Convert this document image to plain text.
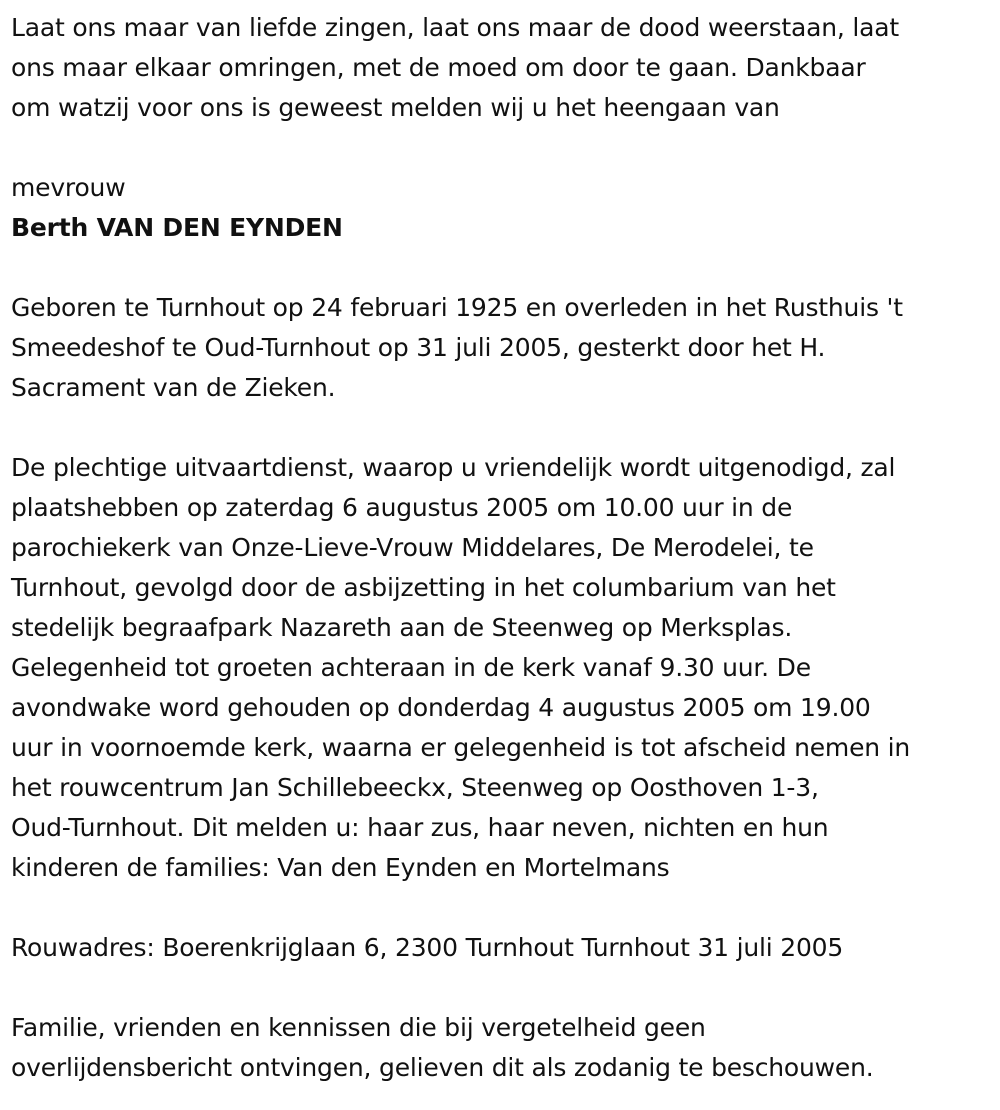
Laat ons maar van liefde zingen, laat ons maar de dood weerstaan, laat
ons maar elkaar omringen, met de moed om door te gaan. Dankbaar
om watzij voor ons is geweest melden wij u het heengaan van

mevrouw

Berth VAN DEN EYNDEN

Geboren te Turnhout op 24 februari 1925 en overleden in het Rusthuis 't
Smeedeshof te Oud-Turnhout op 31 juli 2005, gesterkt door het H.
Sacrament van de Zieken.

De plechtige uitvaartdienst, waarop u vriendelijk wordt uitgenodigd, zal
plaatshebben op zaterdag 6 augustus 2005 om 10.00 uur in de
parochiekerk van Onze-Lieve-Vrouw Middelares, De Merodelei, te
Turnhout, gevolgd door de asbijzetting in het columbarium van het
stedelijk begraafpark Nazareth aan de Steenweg op Merksplas.
Gelegenheid tot groeten achteraan in de kerk vanaf 9.30 uur. De
avondwake word gehouden op donderdag 4 augustus 2005 om 19.00
uur in voornoemde kerk, waarna er gelegenheid is tot afscheid nemen in
het rouwcentrum Jan Schillebeeckx, Steenweg op Oosthoven 1-3,
Oud-Turnhout. Dit melden u: haar zus, haar neven, nichten en hun
kinderen de families: Van den Eynden en Mortelmans

Rouwadres: Boerenkrijglaan 6, 2300 Turnhout Turnhout 31 juli 2005

Familie, vrienden en kennissen die bij vergetelheid geen
overlijdensbericht ontvingen, gelieven dit als zodanig te beschouwen.
